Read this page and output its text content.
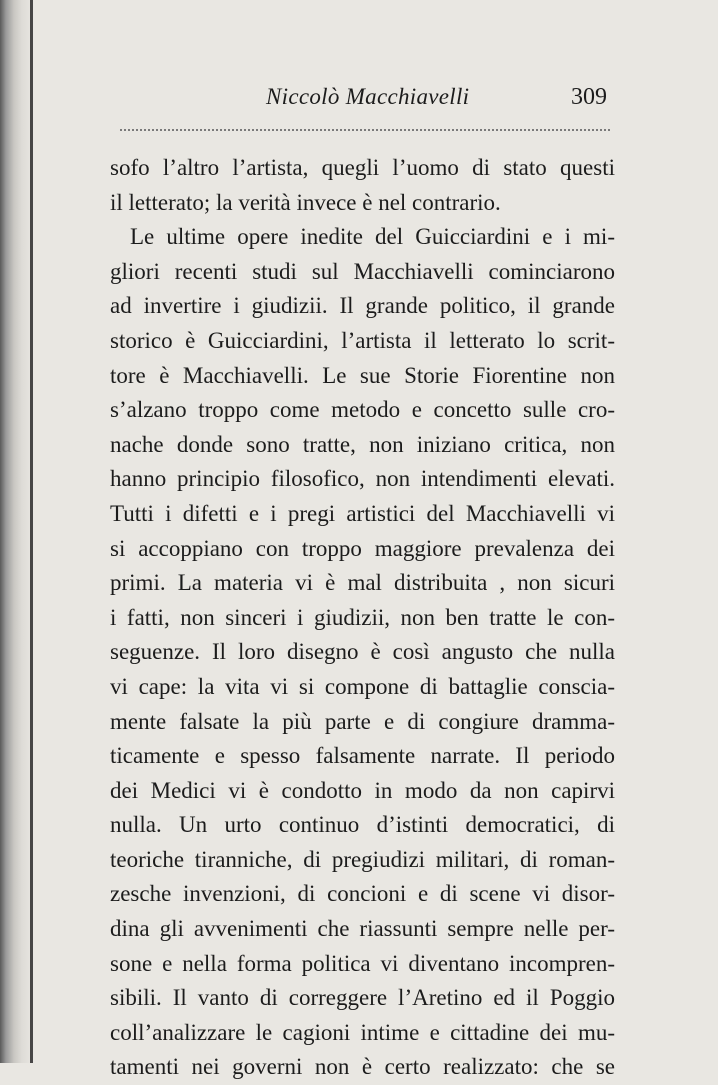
Niccolò Macchiavelli	309
sofo l’altro l’artista, quegli l’uomo di stato questi
il letterato; la verità invece è nel contrario.
Le ultime opere inedite del Guicciardini e i mi-
gliori recenti studi sul Macchiavelli cominciarono
ad invertire i giudizii. Il grande politico, il grande
storico è Guicciardini, l’artista il letterato lo scrit-
tore è Macchiavelli. Le sue Storie Fiorentine non
s’alzano troppo come metodo e concetto sulle cro-
nache donde sono tratte, non iniziano critica, non
hanno principio filosofico, non intendimenti elevati.
Tutti i difetti e i pregi artistici del Macchiavelli vi
si accoppiano con troppo maggiore prevalenza dei
primi. La materia vi è mal distribuita , non sicuri
i fatti, non sinceri i giudizii, non ben tratte le con-
seguenze. Il loro disegno è così angusto che nulla
vi cape: la vita vi si compone di battaglie conscia-
mente falsate la più parte e di congiure dramma-
ticamente e spesso falsamente narrate. Il periodo
dei Medici vi è condotto in modo da non capirvi
nulla. Un urto continuo d’istinti democratici, di
teoriche tiranniche, di pregiudizi militari, di roman-
zesche invenzioni, di concioni e di scene vi disor-
dina gli avvenimenti che riassunti sempre nelle per-
sone e nella forma politica vi diventano incompren-
sibili. Il vanto di correggere l’Aretino ed il Poggio
coll’analizzare le cagioni intime e cittadine dei mu-
tamenti nei governi non è certo realizzato: che se
